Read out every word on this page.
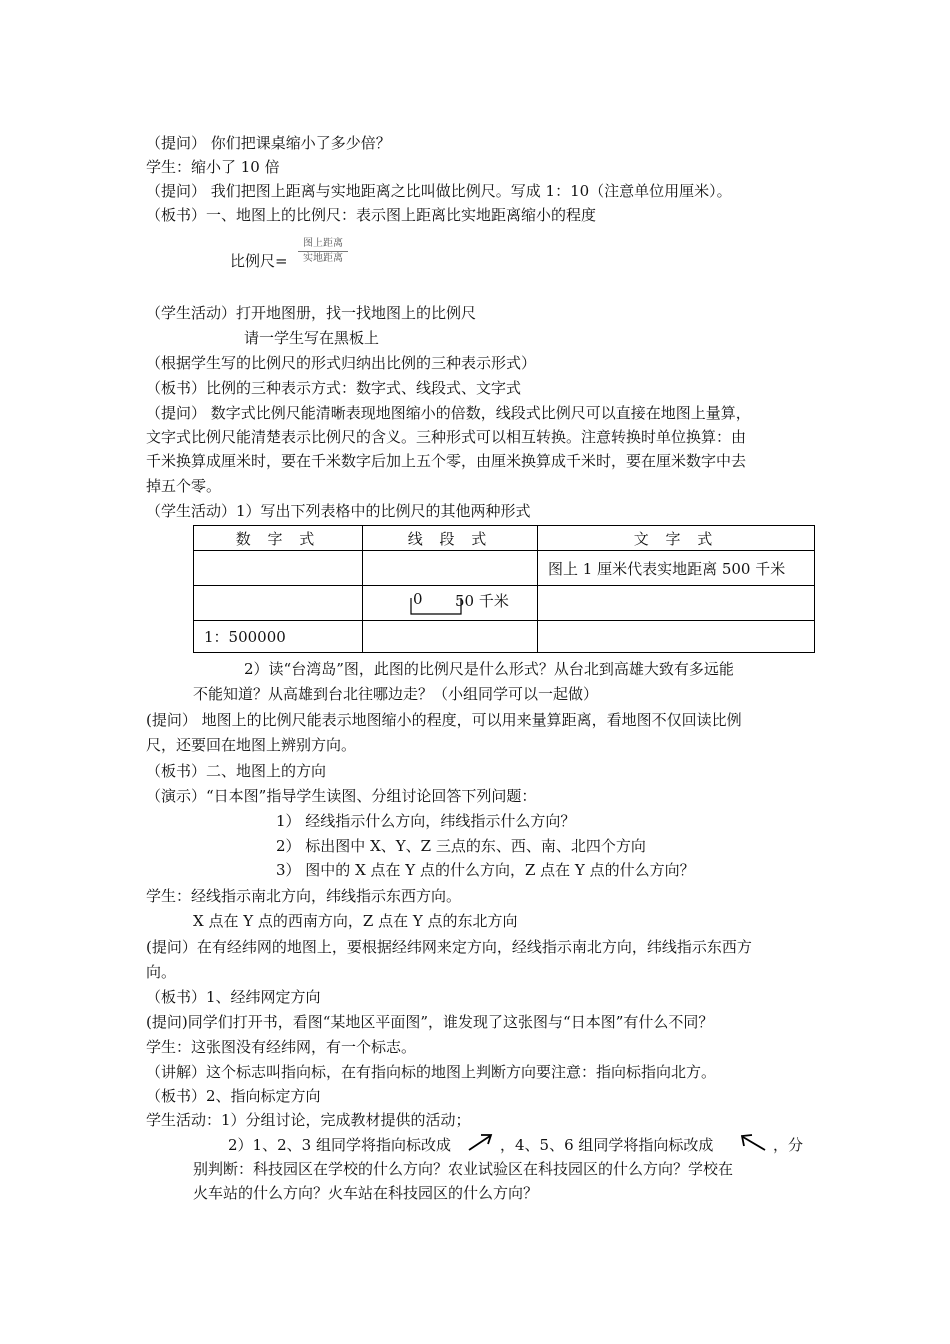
（提问） 你们把课桌缩小了多少倍？
学生：缩小了 10 倍
（提问） 我们把图上距离与实地距离之比叫做比例尺。写成 1：10（注意单位用厘米）。
（板书）一、地图上的比例尺：表示图上距离比实地距离缩小的程度
比例尺=
图上距离
实地距离
（学生活动）打开地图册，找一找地图上的比例尺
请一学生写在黑板上
（根据学生写的比例尺的形式归纳出比例的三种表示形式）
（板书）比例的三种表示方式：数字式、线段式、文字式
（提问） 数字式比例尺能清晰表现地图缩小的倍数，线段式比例尺可以直接在地图上量算，
文字式比例尺能清楚表示比例尺的含义。三种形式可以相互转换。注意转换时单位换算：由
千米换算成厘米时，要在千米数字后加上五个零，由厘米换算成千米时，要在厘米数字中去
掉五个零。
（学生活动）1）写出下列表格中的比例尺的其他两种形式
数 字 式	线 段 式	文 字 式
		图上 1 厘米代表实地距离 500 千米

	0 50 千米	

1：500000		
2）读“台湾岛”图，此图的比例尺是什么形式？从台北到高雄大致有多远能
不能知道？从高雄到台北往哪边走？（小组同学可以一起做）
(提问） 地图上的比例尺能表示地图缩小的程度，可以用来量算距离，看地图不仅回读比例
尺，还要回在地图上辨别方向。
（板书）二、地图上的方向
（演示）“日本图”指导学生读图、分组讨论回答下列问题：
1） 经线指示什么方向，纬线指示什么方向？
2） 标出图中 X、Y、Z 三点的东、西、南、北四个方向
3） 图中的 X 点在 Y 点的什么方向，Z 点在 Y 点的什么方向？
学生：经线指示南北方向，纬线指示东西方向。
X 点在 Y 点的西南方向，Z 点在 Y 点的东北方向
(提问）在有经纬网的地图上，要根据经纬网来定方向，经线指示南北方向，纬线指示东西方
向。
（板书）1、经纬网定方向
(提问)同学们打开书，看图“某地区平面图”，谁发现了这张图与“日本图”有什么不同？
学生：这张图没有经纬网，有一个标志。
（讲解）这个标志叫指向标，在有指向标的地图上判断方向要注意：指向标指向北方。
（板书）2、指向标定方向
学生活动：1）分组讨论，完成教材提供的活动；
2）1、2、3 组同学将指向标改成	，4、5、6 组同学将指向标改成	，分
别判断：科技园区在学校的什么方向？农业试验区在科技园区的什么方向？学校在
火车站的什么方向？火车站在科技园区的什么方向？
